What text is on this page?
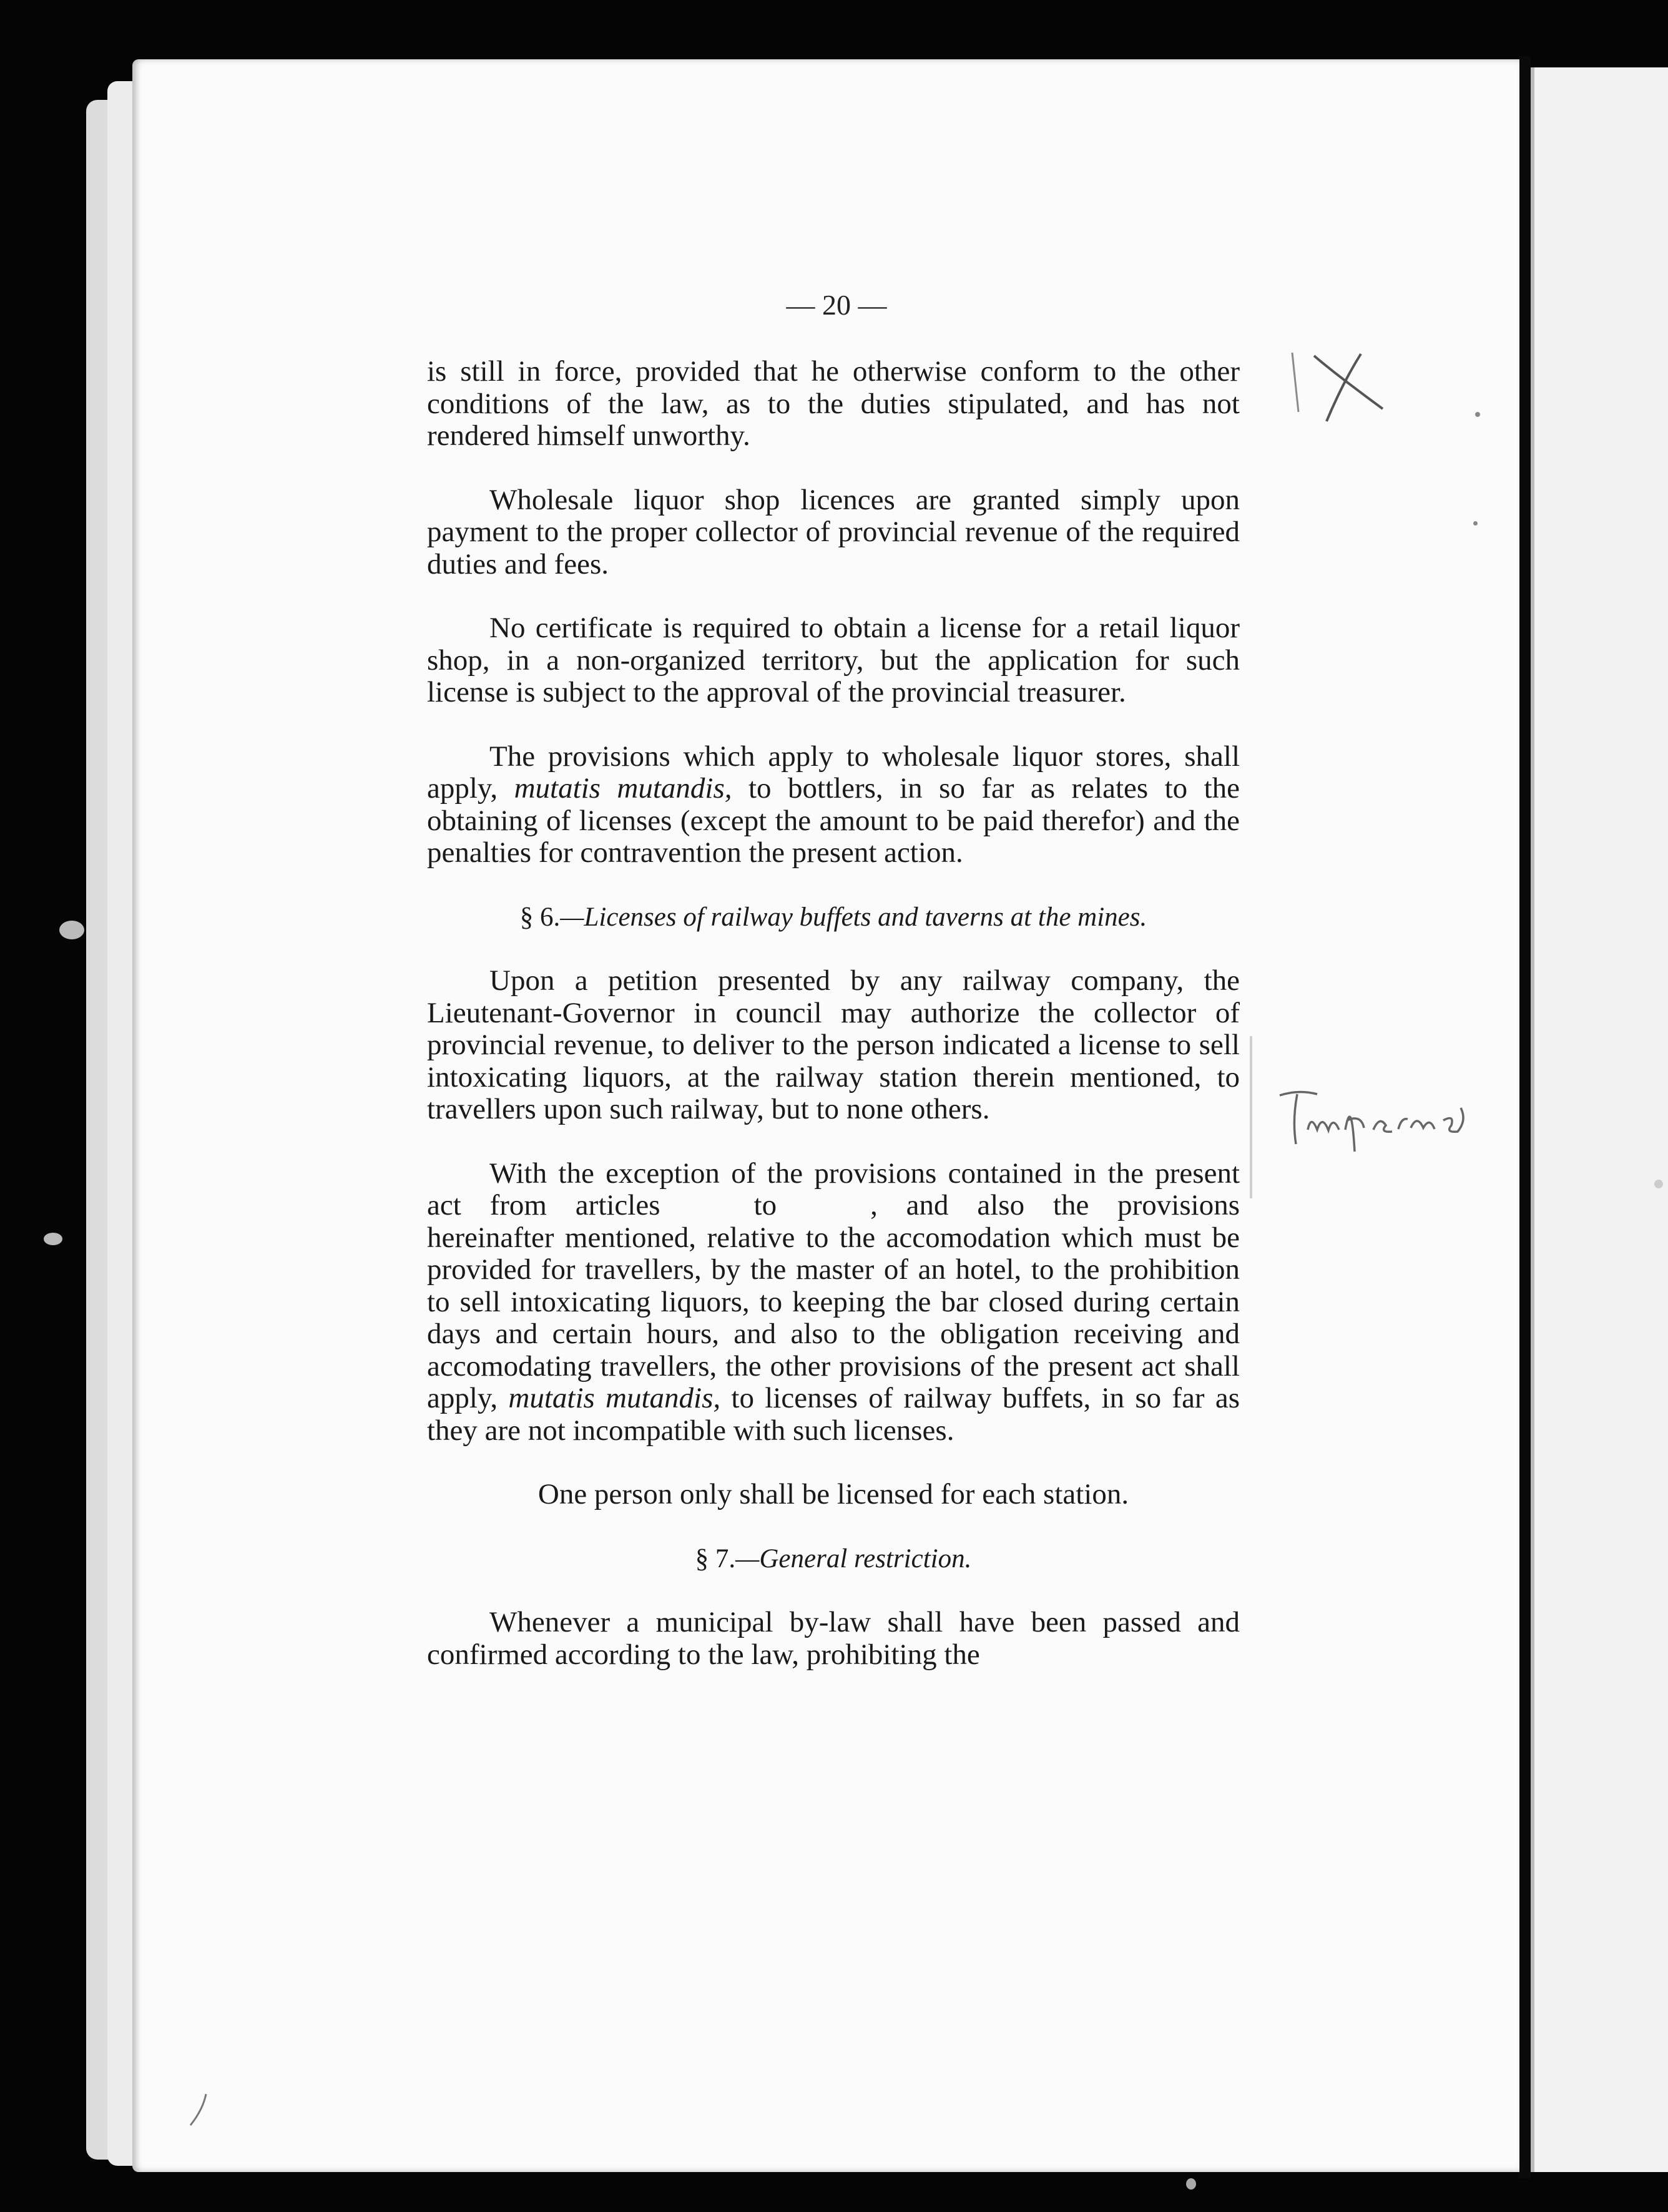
— 20 —

is still in force, provided that he otherwise conform to the other conditions of the law, as to the duties stipulated, and has not rendered himself unworthy.

Wholesale liquor shop licences are granted simply upon payment to the proper collector of provincial revenue of the required duties and fees.

No certificate is required to obtain a license for a retail liquor shop, in a non-organized territory, but the application for such license is subject to the approval of the provincial treasurer.

The provisions which apply to wholesale liquor stores, shall apply, mutatis mutandis, to bottlers, in so far as relates to the obtaining of licenses (except the amount to be paid therefor) and the penalties for contravention the present action.

§ 6.—Licenses of railway buffets and taverns at the mines.

Upon a petition presented by any railway company, the Lieutenant-Governor in council may authorize the collector of provincial revenue, to deliver to the person indicated a license to sell intoxicating liquors, at the railway station therein mentioned, to travellers upon such railway, but to none others.

With the exception of the provisions contained in the present act from articles	to	, and also the provisions hereinafter mentioned, relative to the accomodation which must be provided for travellers, by the master of an hotel, to the prohibition to sell intoxicating liquors, to keeping the bar closed during certain days and certain hours, and also to the obligation receiving and accomodating travellers, the other provisions of the present act shall apply, mutatis mutandis, to licenses of railway buffets, in so far as they are not incompatible with such licenses.

One person only shall be licensed for each station.

§ 7.—General restriction.

Whenever a municipal by-law shall have been passed and confirmed according to the law, prohibiting the
